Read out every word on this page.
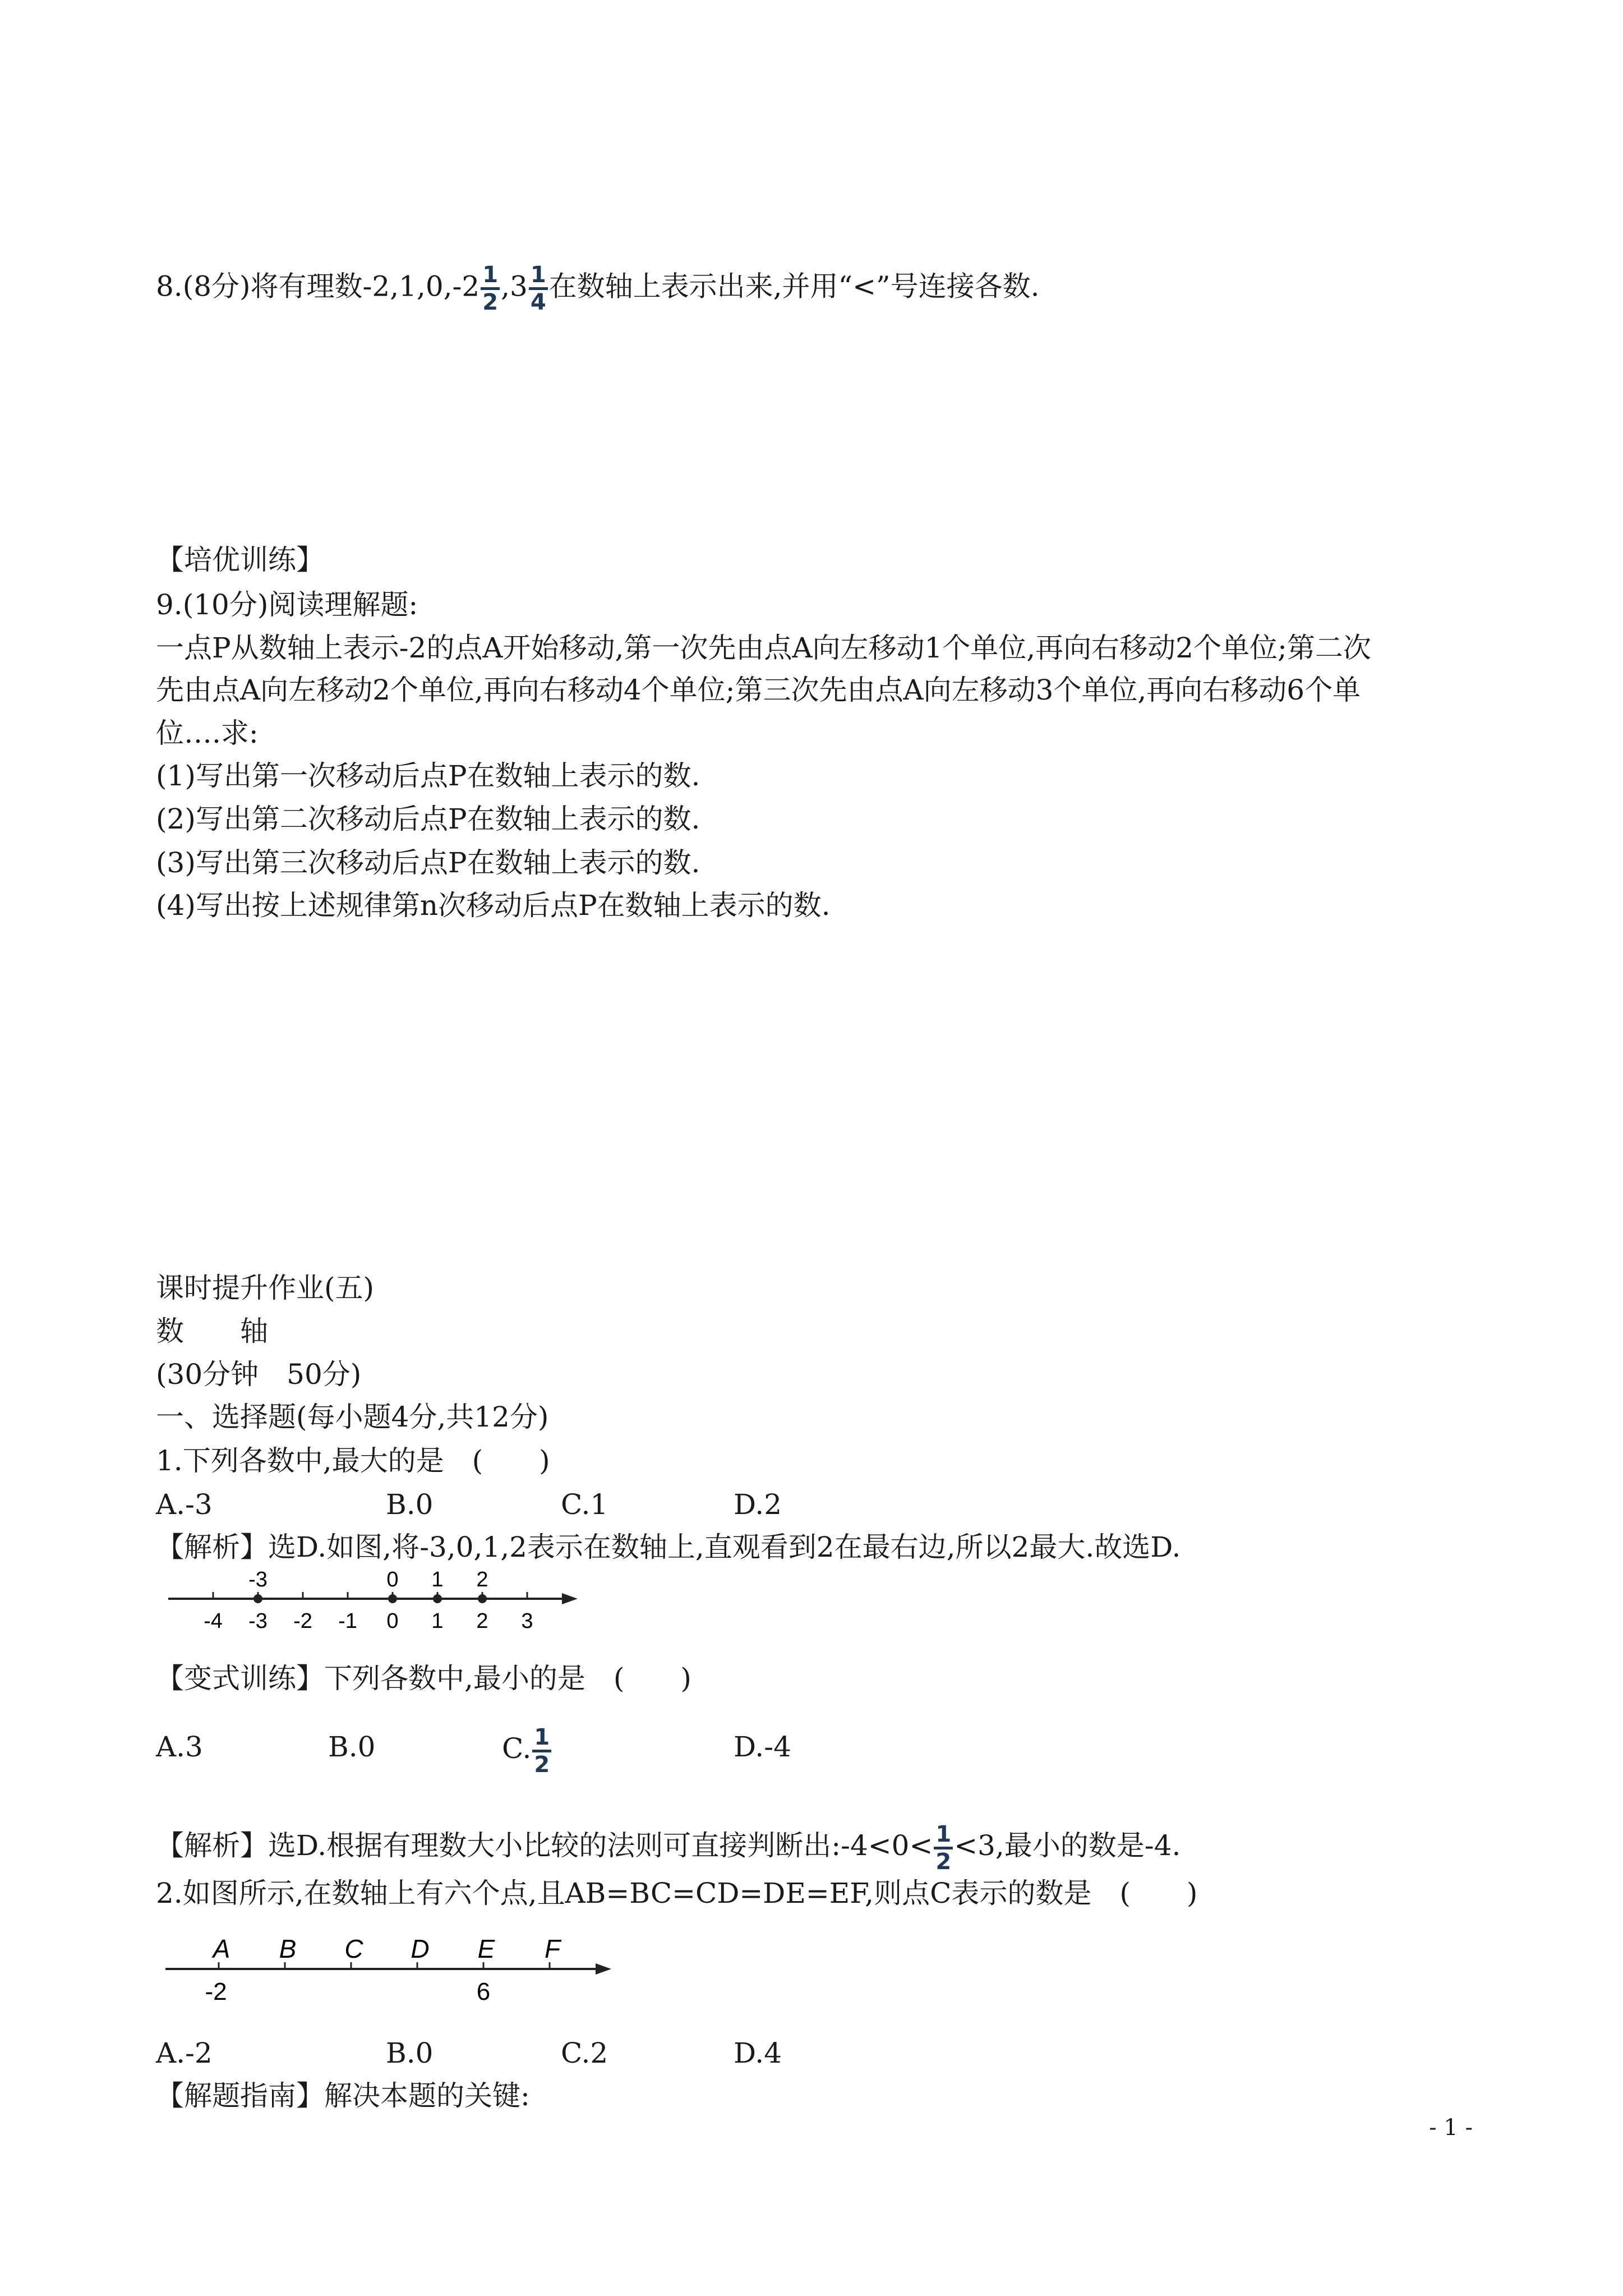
8.(8分)将有理数$-2,1,0,-2 \frac{1}{2} ,3 \frac{1}{4}$ 在数轴上表示出来,并用“<”号连接各数.
【培优训练】
9.(10分)阅读理解题:
一点P从数轴上表示-2的点A开始移动,第一次先由点A向左移动1个单位,再向右移动2个单位;第二次
先由点A向左移动2个单位,再向右移动4个单位;第三次先由点A向左移动3个单位,再向右移动6个单
位….求:
(1)写出第一次移动后点P在数轴上表示的数.
(2)写出第二次移动后点P在数轴上表示的数.
(3)写出第三次移动后点P在数轴上表示的数.
(4)写出按上述规律第n次移动后点P在数轴上表示的数.
课时提升作业(五)
数　　轴
(30分钟　50分)
一、选择题(每小题4分,共12分)
1.下列各数中,最大的是　(　　)
A.-3	B.0	C.1	D.2
【解析】选D.如图,将-3,0,1,2表示在数轴上,直观看到2在最右边,所以2最大.故选D.
-3	0 1 2
-4 -3 -2 -1 0 1 2 3
【变式训练】下列各数中,最小的是　(　　)
A.3	B.0	C. $\frac{1}{2}$	D.-4
【解析】选D.根据有理数大小比较的法则可直接判断出:-4<0< $\frac{1}{2} <3$,最小的数是-4.
2.如图所示,在数轴上有六个点,且AB=BC=CD=DE=EF,则点C表示的数是　(　　)
A B C D E F
-2	6
A.-2	B.0	C.2	D.4
【解题指南】解决本题的关键:
- 1 -
